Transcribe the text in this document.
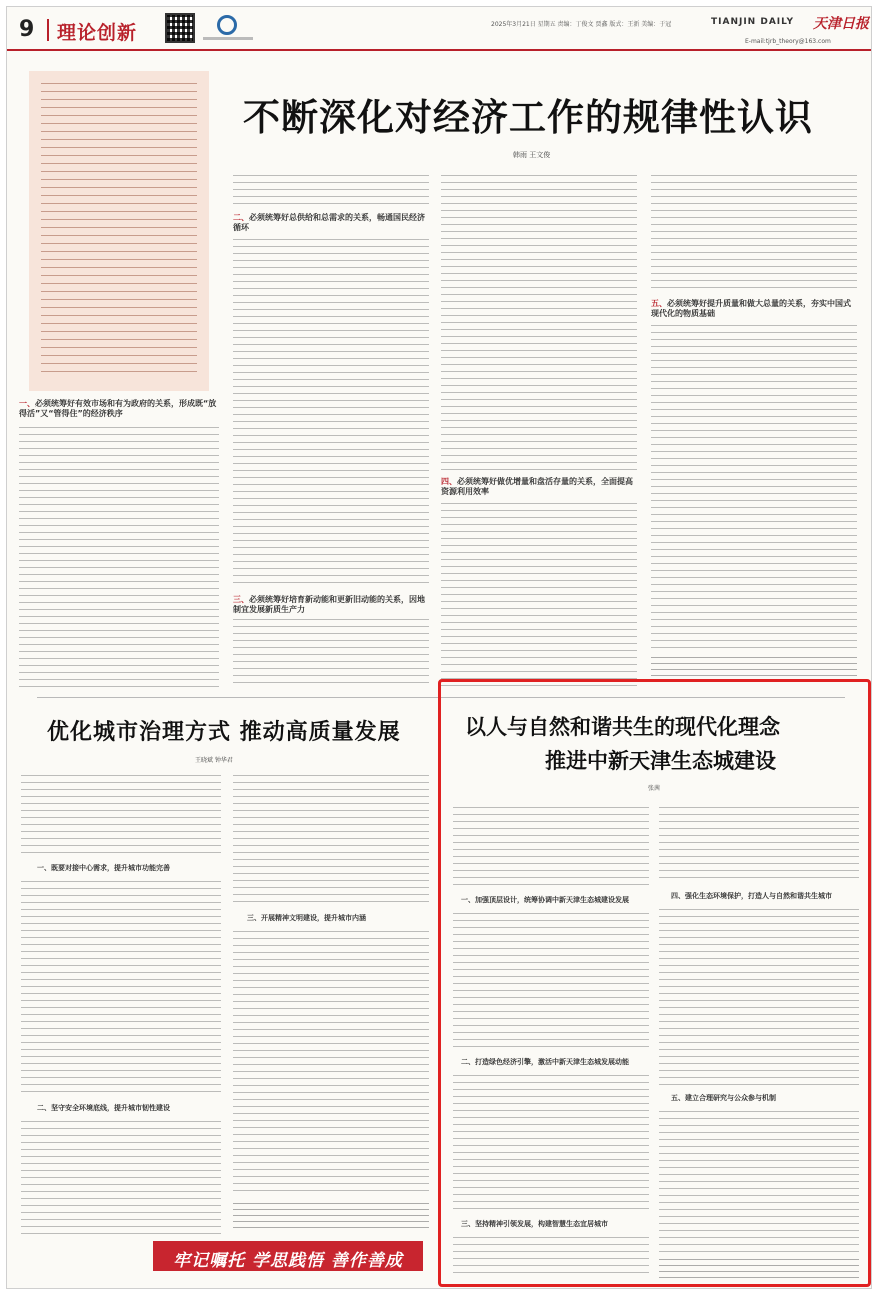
9 理论创新	2025年3月21日 星期五 责编：丁俊文 贾鑫 版式：王新 美编：于冠	TIANJIN DAILY 天津日报
E-mail:tjrb_theory@163.com
不断深化对经济工作的规律性认识
韩雨 王文俊
一、必须统筹好有效市场和有为政府的关系，形成既“放得活”又“管得住”的经济秩序
二、必须统筹好总供给和总需求的关系，畅通国民经济循环
三、必须统筹好培育新动能和更新旧动能的关系，因地制宜发展新质生产力
四、必须统筹好做优增量和盘活存量的关系，全面提高资源利用效率
五、必须统筹好提升质量和做大总量的关系，夯实中国式现代化的物质基础
优化城市治理方式 推动高质量发展
王晓斌 钟华君
一、既要对接中心需求，提升城市功能完善
二、坚守安全环境底线，提升城市韧性建设
三、开展精神文明建设，提升城市内涵
牢记嘱托 学思践悟 善作善成
以人与自然和谐共生的现代化理念
推进中新天津生态城建设
张茜
一、加强顶层设计，统筹协调中新天津生态城建设发展
二、打造绿色经济引擎，激活中新天津生态城发展动能
三、坚持精神引领发展，构建智慧生态宜居城市
四、强化生态环境保护，打造人与自然和谐共生城市
五、建立合理研究与公众参与机制
